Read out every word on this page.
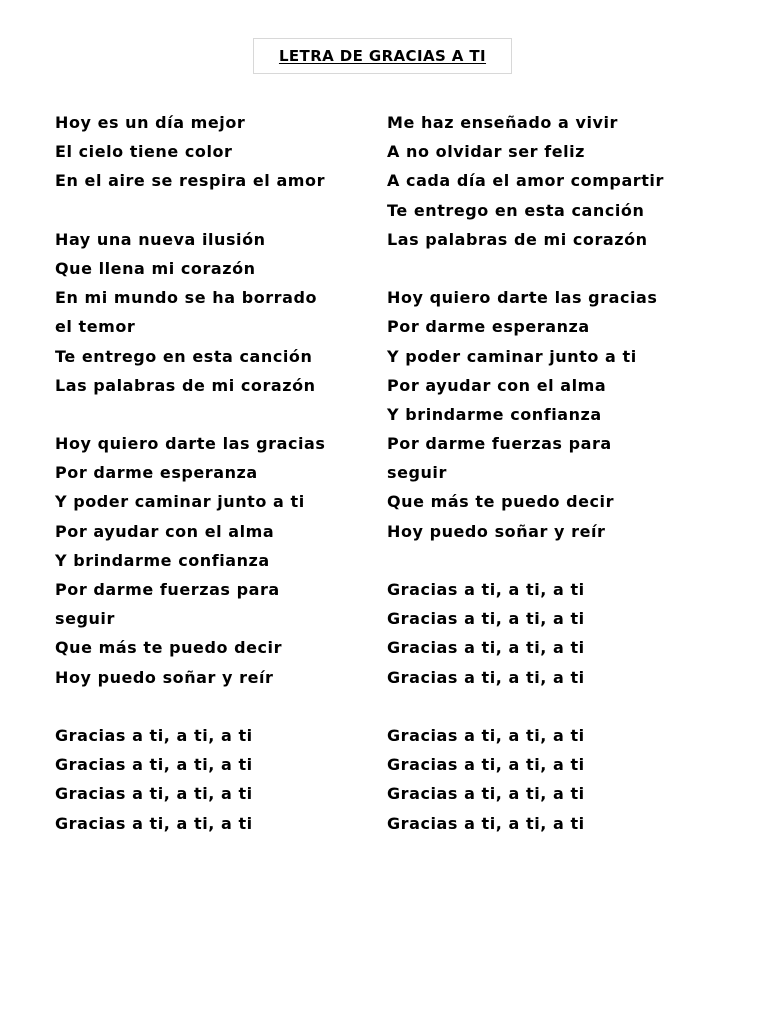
LETRA DE GRACIAS A TI
Hoy es un día mejor
El cielo tiene color
En el aire se respira el amor
Hay una nueva ilusión
Que llena mi corazón
En mi mundo se ha borrado
el temor
Te entrego en esta canción
Las palabras de mi corazón
Hoy quiero darte las gracias
Por darme esperanza
Y poder caminar junto a ti
Por ayudar con el alma
Y brindarme confianza
Por darme fuerzas para
seguir
Que más te puedo decir
Hoy puedo soñar y reír
Gracias a ti, a ti, a ti
Gracias a ti, a ti, a ti
Gracias a ti, a ti, a ti
Gracias a ti, a ti, a ti
Me haz enseñado a vivir
A no olvidar ser feliz
A cada día el amor compartir
Te entrego en esta canción
Las palabras de mi corazón
Hoy quiero darte las gracias
Por darme esperanza
Y poder caminar junto a ti
Por ayudar con el alma
Y brindarme confianza
Por darme fuerzas para
seguir
Que más te puedo decir
Hoy puedo soñar y reír
Gracias a ti, a ti, a ti
Gracias a ti, a ti, a ti
Gracias a ti, a ti, a ti
Gracias a ti, a ti, a ti
Gracias a ti, a ti, a ti
Gracias a ti, a ti, a ti
Gracias a ti, a ti, a ti
Gracias a ti, a ti, a ti
